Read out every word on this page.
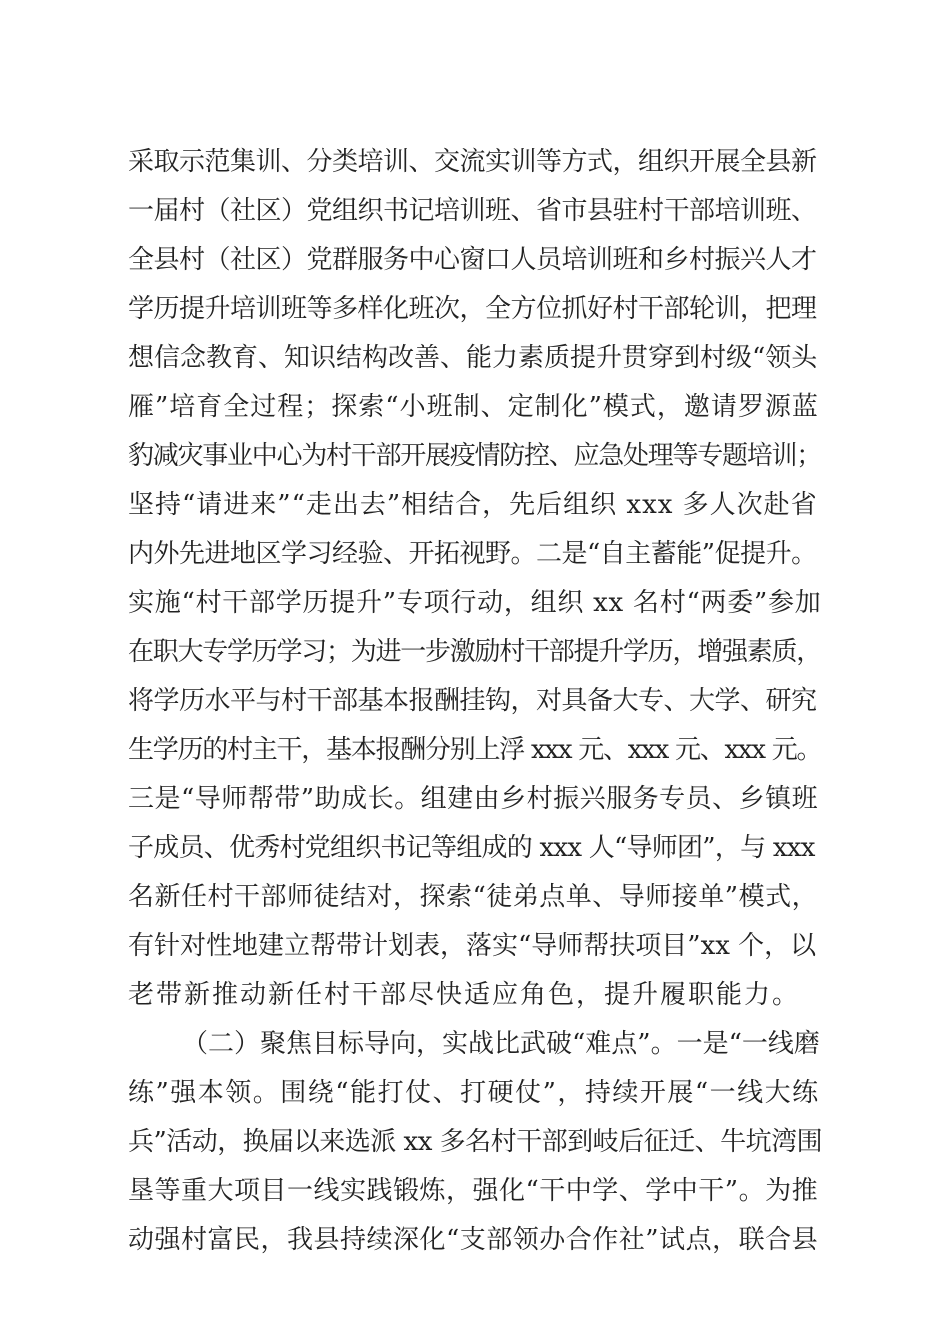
采取示范集训、分类培训、交流实训等方式，组织开展全县新
一届村（社区）党组织书记培训班、省市县驻村干部培训班、
全县村（社区）党群服务中心窗口人员培训班和乡村振兴人才
学历提升培训班等多样化班次，全方位抓好村干部轮训，把理
想信念教育、知识结构改善、能力素质提升贯穿到村级“领头
雁”培育全过程；探索“小班制、定制化”模式，邀请罗源蓝
豹减灾事业中心为村干部开展疫情防控、应急处理等专题培训；
坚持“请进来”“走出去”相结合，先后组织 xxx 多人次赴省
内外先进地区学习经验、开拓视野。二是“自主蓄能”促提升。
实施“村干部学历提升”专项行动，组织 xx 名村“两委”参加
在职大专学历学习；为进一步激励村干部提升学历，增强素质，
将学历水平与村干部基本报酬挂钩，对具备大专、大学、研究
生学历的村主干，基本报酬分别上浮 xxx 元、xxx 元、xxx 元。
三是“导师帮带”助成长。组建由乡村振兴服务专员、乡镇班
子成员、优秀村党组织书记等组成的 xxx 人“导师团”，与 xxx
名新任村干部师徒结对，探索“徒弟点单、导师接单”模式，
有针对性地建立帮带计划表，落实“导师帮扶项目”xx 个，以
老带新推动新任村干部尽快适应角色，提升履职能力。
（二）聚焦目标导向，实战比武破“难点”。一是“一线磨
练”强本领。围绕“能打仗、打硬仗”，持续开展“一线大练
兵”活动，换届以来选派 xx 多名村干部到岐后征迁、牛坑湾围
垦等重大项目一线实践锻炼，强化“干中学、学中干”。为推
动强村富民，我县持续深化“支部领办合作社”试点，联合县
